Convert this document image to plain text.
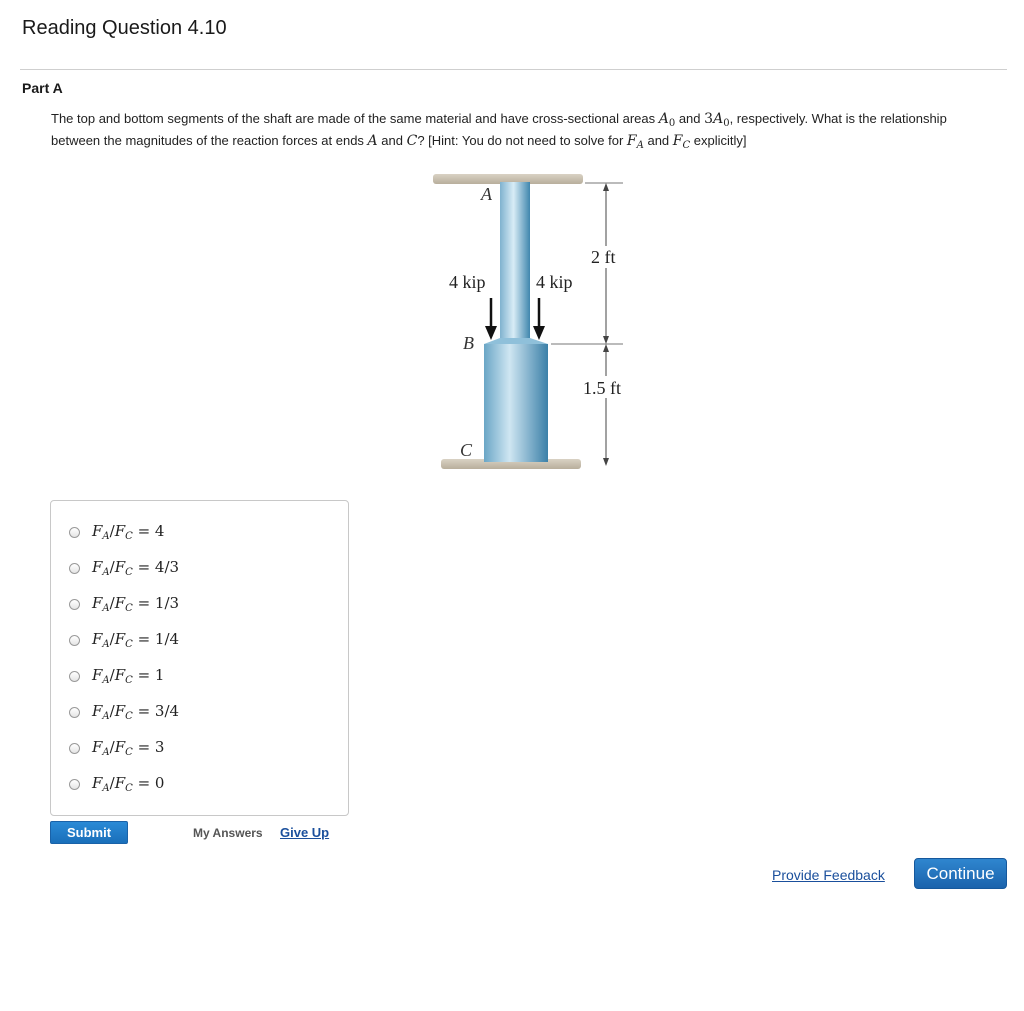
Reading Question 4.10
Part A
The top and bottom segments of the shaft are made of the same material and have cross-sectional areas $A_0$ and $3A_0$, respectively. What is the relationship between the magnitudes of the reaction forces at ends A and C? [Hint: You do not need to solve for $F_A$ and $F_C$ explicitly]
A
B
C
4 kip	4 kip
2 ft
1.5 ft
$F_A/F_C = 4$
$F_A/F_C = 4/3$
$F_A/F_C = 1/3$
$F_A/F_C = 1/4$
$F_A/F_C = 1$
$F_A/F_C = 3/4$
$F_A/F_C = 3$
$F_A/F_C = 0$
Submit	My Answers Give Up
Provide Feedback	Continue
